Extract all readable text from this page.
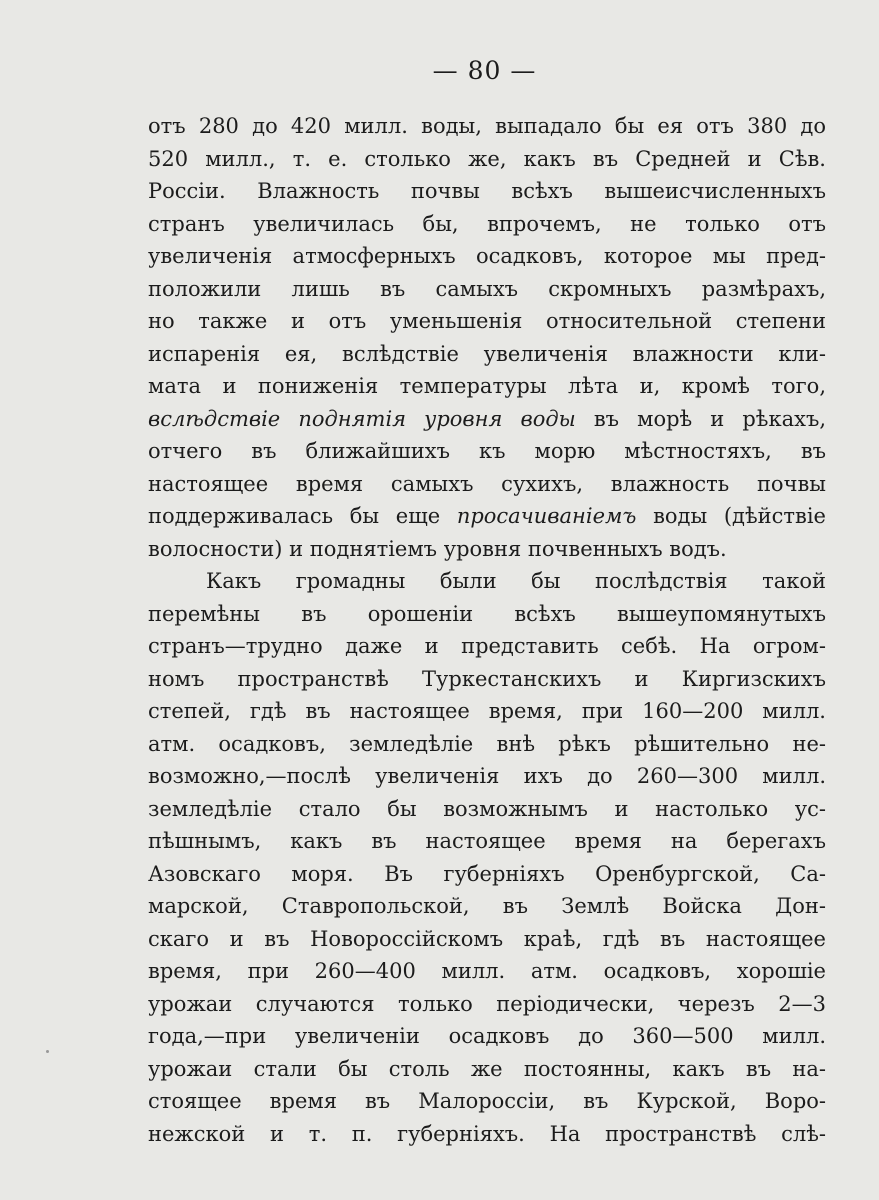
— 80 —
отъ 280 до 420 милл. воды, выпадало бы ея отъ 380 до
520 милл., т. е. столько же, какъ въ Средней и Сѣв.
Россіи. Влажность почвы всѣхъ вышеисчисленныхъ
странъ увеличилась бы, впрочемъ, не только отъ
увеличенія атмосферныхъ осадковъ, которое мы пред-
положили лишь въ самыхъ скромныхъ размѣрахъ,
но также и отъ уменьшенія относительной степени
испаренія ея, вслѣдствіе увеличенія влажности кли-
мата и пониженія температуры лѣта и, кромѣ того,
вслѣдствіе поднятія уровня воды въ морѣ и рѣкахъ,
отчего въ ближайшихъ къ морю мѣстностяхъ, въ
настоящее время самыхъ сухихъ, влажность почвы
поддерживалась бы еще просачиваніемъ воды (дѣйствіе
волосности) и поднятіемъ уровня почвенныхъ водъ.
Какъ громадны были бы послѣдствія такой
перемѣны въ орошеніи всѣхъ вышеупомянутыхъ
странъ—трудно даже и представить себѣ. На огром-
номъ пространствѣ Туркестанскихъ и Киргизскихъ
степей, гдѣ въ настоящее время, при 160—200 милл.
атм. осадковъ, земледѣліе внѣ рѣкъ рѣшительно не-
возможно,—послѣ увеличенія ихъ до 260—300 милл.
земледѣліе стало бы возможнымъ и настолько ус-
пѣшнымъ, какъ въ настоящее время на берегахъ
Азовскаго моря. Въ губерніяхъ Оренбургской, Са-
марской, Ставропольской, въ Землѣ Войска Дон-
скаго и въ Новороссійскомъ краѣ, гдѣ въ настоящее
время, при 260—400 милл. атм. осадковъ, хорошіе
урожаи случаются только періодически, черезъ 2—3
года,—при увеличеніи осадковъ до 360—500 милл.
урожаи стали бы столь же постоянны, какъ въ на-
стоящее время въ Малороссіи, въ Курской, Воро-
нежской и т. п. губерніяхъ. На пространствѣ слѣ-
